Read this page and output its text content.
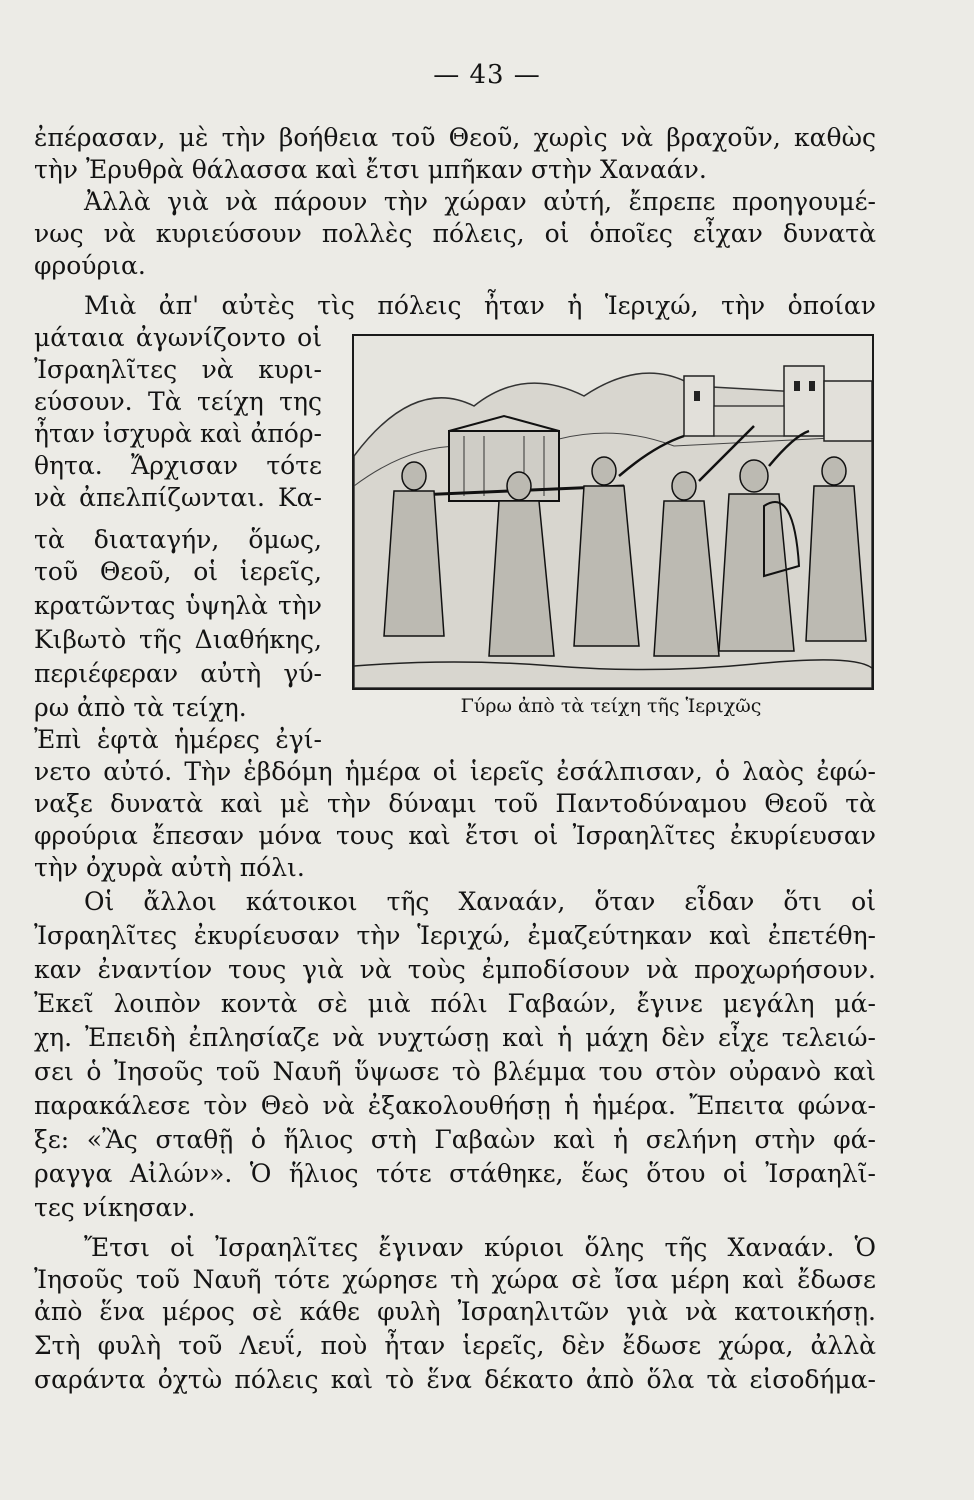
— 43 —
ἐπέρασαν, μὲ τὴν βοήθεια τοῦ Θεοῦ, χωρὶς νὰ βραχοῦν, καθὼς
τὴν Ἐρυθρὰ θάλασσα καὶ ἔτσι μπῆκαν στὴν Χαναάν.
Ἀλλὰ γιὰ νὰ πάρουν τὴν χώραν αὐτή, ἔπρεπε προηγουμέ-
νως νὰ κυριεύσουν πολλὲς πόλεις, οἱ ὁποῖες εἶχαν δυνατὰ
φρούρια.
Μιὰ ἀπ' αὐτὲς τὶς πόλεις ἦταν ἡ Ἱεριχώ, τὴν ὁποίαν
μάταια ἀγωνίζοντο οἱ
Ἰσραηλῖτες νὰ κυρι-
εύσουν. Τὰ τείχη της
ἦταν ἰσχυρὰ καὶ ἀπόρ-
θητα. Ἄρχισαν τότε
νὰ ἀπελπίζωνται. Κα-
τὰ διαταγήν, ὅμως,
τοῦ Θεοῦ, οἱ ἱερεῖς,
κρατῶντας ὑψηλὰ τὴν
Κιβωτὸ τῆς Διαθήκης,
περιέφεραν αὐτὴ γύ-
ρω ἀπὸ τὰ τείχη.
Ἐπὶ ἑφτὰ ἡμέρες ἐγί-
νετο αὐτό. Τὴν ἑβδόμη ἡμέρα οἱ ἱερεῖς ἐσάλπισαν, ὁ λαὸς ἐφώ-
ναξε δυνατὰ καὶ μὲ τὴν δύναμι τοῦ Παντοδύναμου Θεοῦ τὰ
φρούρια ἔπεσαν μόνα τους καὶ ἔτσι οἱ Ἰσραηλῖτες ἐκυρίευσαν
τὴν ὀχυρὰ αὐτὴ πόλι.
Οἱ ἄλλοι κάτοικοι τῆς Χαναάν, ὅταν εἶδαν ὅτι οἱ
Ἰσραηλῖτες ἐκυρίευσαν τὴν Ἱεριχώ, ἐμαζεύτηκαν καὶ ἐπετέθη-
καν ἐναντίον τους γιὰ νὰ τοὺς ἐμποδίσουν νὰ προχωρήσουν.
Ἐκεῖ λοιπὸν κοντὰ σὲ μιὰ πόλι Γαβαών, ἔγινε μεγάλη μά-
χη. Ἐπειδὴ ἐπλησίαζε νὰ νυχτώσῃ καὶ ἡ μάχη δὲν εἶχε τελειώ-
σει ὁ Ἰησοῦς τοῦ Ναυῆ ὕψωσε τὸ βλέμμα του στὸν οὐρανὸ καὶ
παρακάλεσε τὸν Θεὸ νὰ ἐξακολουθήσῃ ἡ ἡμέρα. Ἔπειτα φώνα-
ξε: «Ἂς σταθῇ ὁ ἥλιος στὴ Γαβαὼν καὶ ἡ σελήνη στὴν φά-
ραγγα Αἰλών». Ὁ ἥλιος τότε στάθηκε, ἕως ὅτου οἱ Ἰσραηλῖ-
τες νίκησαν.
Ἔτσι οἱ Ἰσραηλῖτες ἔγιναν κύριοι ὅλης τῆς Χαναάν. Ὁ
Ἰησοῦς τοῦ Ναυῆ τότε χώρησε τὴ χώρα σὲ ἴσα μέρη καὶ ἔδωσε
ἀπὸ ἕνα μέρος σὲ κάθε φυλὴ Ἰσραηλιτῶν γιὰ νὰ κατοικήσῃ.
Στὴ φυλὴ τοῦ Λευΐ, ποὺ ἦταν ἱερεῖς, δὲν ἔδωσε χώρα, ἀλλὰ
σαράντα ὀχτὼ πόλεις καὶ τὸ ἕνα δέκατο ἀπὸ ὅλα τὰ εἰσοδήμα-
Γύρω ἀπὸ τὰ τείχη τῆς Ἱεριχῶς
